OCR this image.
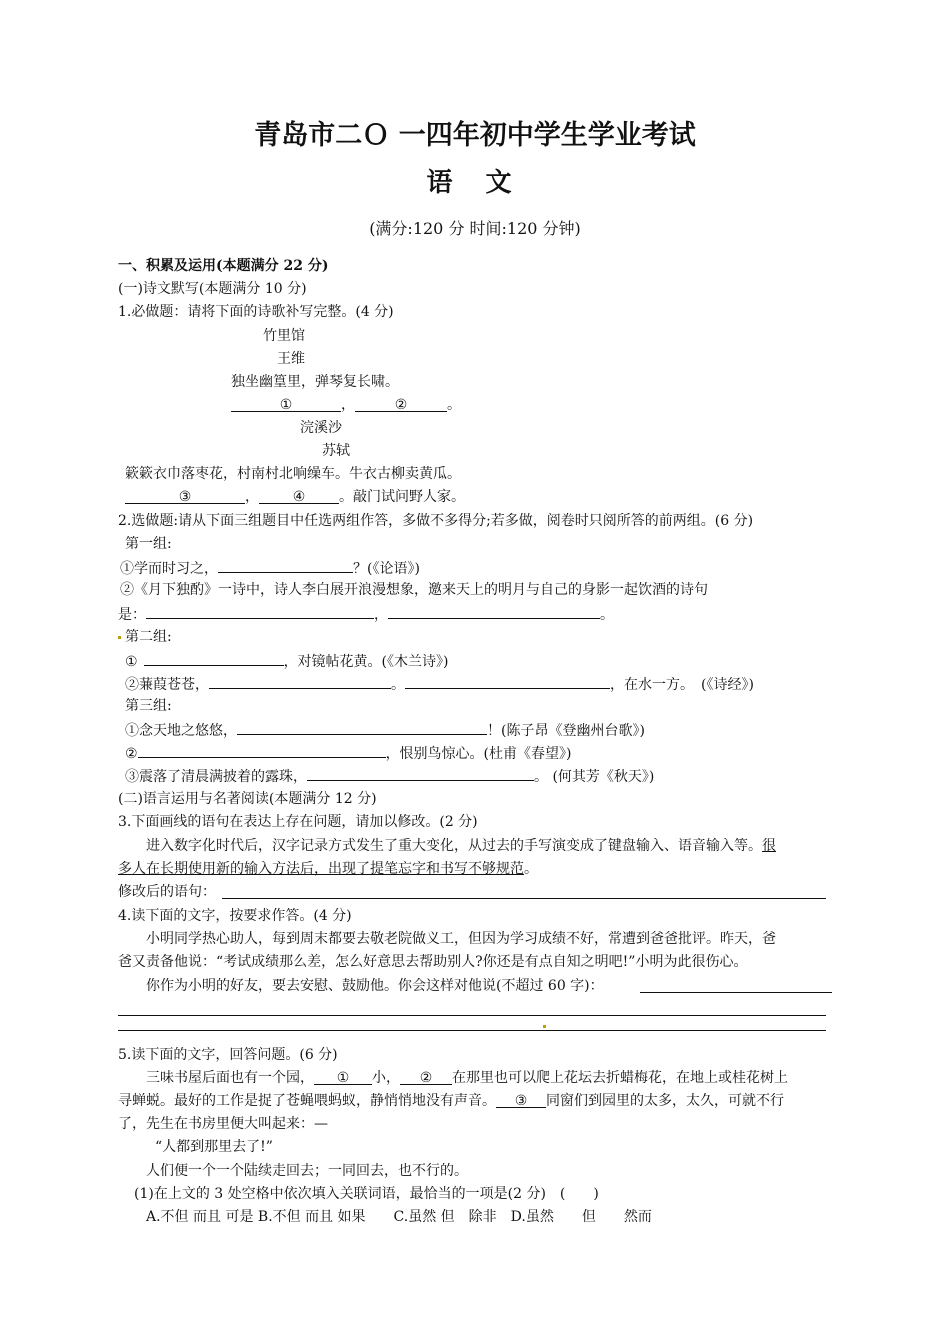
青岛市二Ｏ 一四年初中学生学业考试
语 文
(满分:120 分 时间:120 分钟)
一、积累及运用(本题满分 22 分)
(一)诗文默写(本题满分 10 分)
1.必做题：请将下面的诗歌补写完整。(4 分)
竹里馆
王维
独坐幽篁里，弹琴复长啸。
①	，	②	。
浣溪沙
苏轼
簌簌衣巾落枣花，村南村北响缲车。牛衣古柳卖黄瓜。
③	， ④ 。敲门试问野人家。
2.选做题:请从下面三组题目中任选两组作答，多做不多得分;若多做，阅卷时只阅所答的前两组。(6 分)
第一组:
①学而时习之，	？(《论语》)
②《月下独酌》一诗中，诗人李白展开浪漫想象，邀来天上的明月与自己的身影一起饮酒的诗句
是：	，	。
第二组:
①	，对镜帖花黄。(《木兰诗》)
②蒹葭苍苍，	。	，在水一方。　(《诗经》)
第三组:
①念天地之悠悠，	！(陈子昂《登幽州台歌》)
②	，恨别鸟惊心。(杜甫《春望》)
③震落了清晨满披着的露珠，	。 (何其芳《秋天》)
(二)语言运用与名著阅读(本题满分 12 分)
3.下面画线的语句在表达上存在问题，请加以修改。(2 分)
进入数字化时代后，汉字记录方式发生了重大变化，从过去的手写演变成了键盘输入、语音输入等。很
多人在长期使用新的输入方法后，出现了提笔忘字和书写不够规范。
修改后的语句：
4.读下面的文字，按要求作答。(4 分)
小明同学热心助人，每到周末都要去敬老院做义工，但因为学习成绩不好，常遭到爸爸批评。昨天，爸
爸又责备他说：“考试成绩那么差，怎么好意思去帮助别人?你还是有点自知之明吧!”小明为此很伤心。
你作为小明的好友，要去安慰、鼓励他。你会这样对他说(不超过 60 字)：
5.读下面的文字，回答问题。(6 分)
三味书屋后面也有一个园， ① 小， ② 在那里也可以爬上花坛去折蜡梅花，在地上或桂花树上
寻蝉蜕。最好的工作是捉了苍蝇喂蚂蚁，静悄悄地没有声音。 ③ 同窗们到园里的太多，太久，可就不行
了，先生在书房里便大叫起来：—
“人都到那里去了!”
人们便一个一个陆续走回去；一同回去，也不行的。
(1)在上文的 3 处空格中依次填入关联词语，最恰当的一项是(2 分)　(　　)
A.不但 而且 可是 B.不但 而且 如果　　C.虽然 但　除非　D.虽然　　但　　然而
